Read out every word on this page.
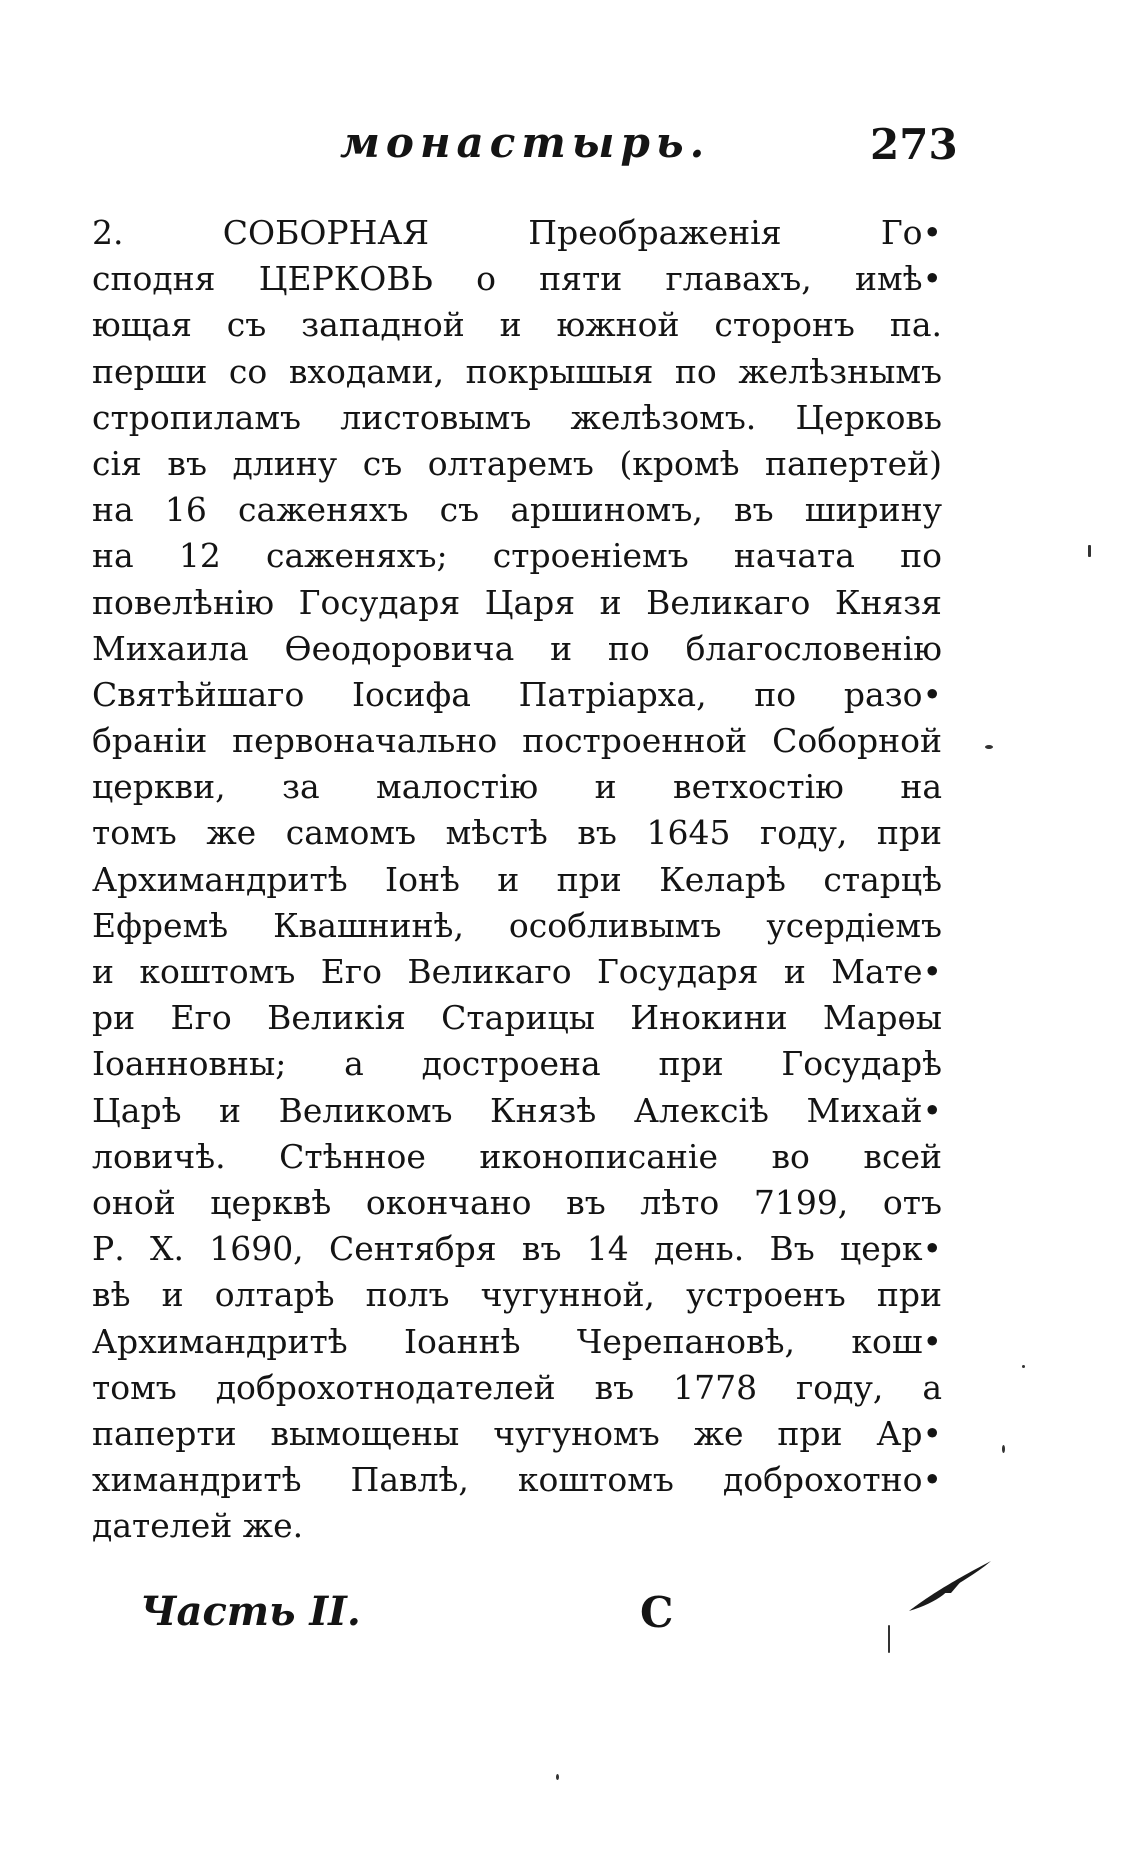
монастырь.	273
2. СОБОРНАЯ Преображенія Го•
сподня ЦЕРКОВЬ о пяти главахъ, имѣ•
ющая съ западной и южной сторонъ па.
перши со входами, покрышыя по желѣзнымъ
стропиламъ листовымъ желѣзомъ. Церковь
сія въ длину съ олтаремъ (кромѣ папертей)
на 16 саженяхъ съ аршиномъ, въ ширину
на 12 саженяхъ; строеніемъ начата по
повелѣнію Государя Царя и Великаго Князя
Михаила Ѳеодоровича и по благословенію
Святѣйшаго Іосифа Патріарха, по разо•
браніи первоначально построенной Соборной
церкви, за малостію и ветхостію на
томъ же самомъ мѣстѣ въ 1645 году, при
Архимандритѣ Іонѣ и при Келарѣ старцѣ
Ефремѣ Квашнинѣ, особливымъ усердіемъ
и коштомъ Его Великаго Государя и Мате•
ри Его Великія Старицы Инокини Марѳы
Іоанновны; а достроена при Государѣ
Царѣ и Великомъ Князѣ Алексіѣ Михай•
ловичѣ. Стѣнное иконописаніе во всей
оной церквѣ окончано въ лѣто 7199, отъ
Р. Х. 1690, Сентября въ 14 день. Въ церк•
вѣ и олтарѣ полъ чугунной, устроенъ при
Архимандритѣ Іоаннѣ Черепановѣ, кош•
томъ доброхотнодателей въ 1778 году, а
паперти вымощены чугуномъ же при Ар•
химандритѣ Павлѣ, коштомъ доброхотно•
дателей же.
Часть II.	C
